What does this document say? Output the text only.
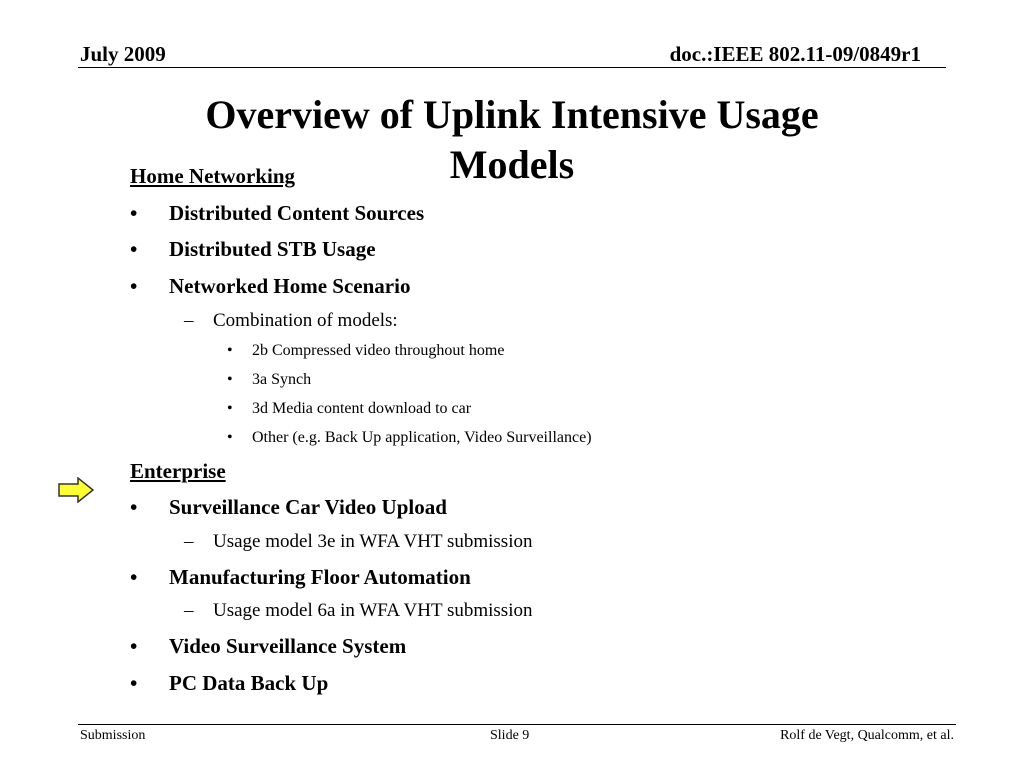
July 2009	doc.:IEEE 802.11-09/0849r1
Overview of Uplink Intensive Usage
Models
Home Networking
• Distributed Content Sources
• Distributed STB Usage
• Networked Home Scenario
– Combination of models:
• 2b Compressed video throughout home
• 3a Synch
• 3d Media content download to car
• Other (e.g. Back Up application, Video Surveillance)
Enterprise
• Surveillance Car Video Upload
– Usage model 3e in WFA VHT submission
• Manufacturing Floor Automation
– Usage model 6a in WFA VHT submission
• Video Surveillance System
• PC Data Back Up
Submission	Slide 9	Rolf de Vegt, Qualcomm, et al.
